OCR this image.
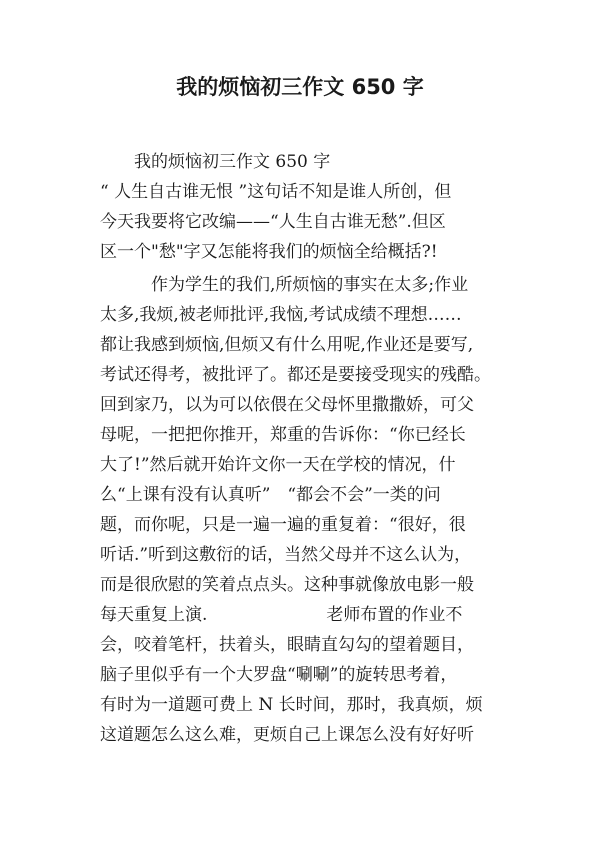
我的烦恼初三作文 650 字
　　我的烦恼初三作文 650 字
“ 人生自古谁无恨 ”这句话不知是谁人所创，但
今天我要将它改编——“人生自古谁无愁”.但区
区一个"愁"字又怎能将我们的烦恼全给概括?!
　　　作为学生的我们,所烦恼的事实在太多;作业
太多,我烦,被老师批评,我恼,考试成绩不理想……
都让我感到烦恼,但烦又有什么用呢,作业还是要写,
考试还得考，被批评了。都还是要接受现实的残酷。
回到家乃，以为可以依偎在父母怀里撒撒娇，可父
母呢，一把把你推开，郑重的告诉你：“你已经长
大了!”然后就开始许文你一天在学校的情况，什
么“上课有没有认真听”　“都会不会”一类的问
题，而你呢，只是一遍一遍的重复着：“很好，很
听话.”听到这敷衍的话，当然父母并不这么认为，
而是很欣慰的笑着点点头。这种事就像放电影一般
每天重复上演.　　　　　　　老师布置的作业不
会，咬着笔杆，扶着头，眼睛直勾勾的望着题目，
脑子里似乎有一个大罗盘“唰唰”的旋转思考着，
有时为一道题可费上 N 长时间，那时，我真烦，烦
这道题怎么这么难，更烦自己上课怎么没有好好听
